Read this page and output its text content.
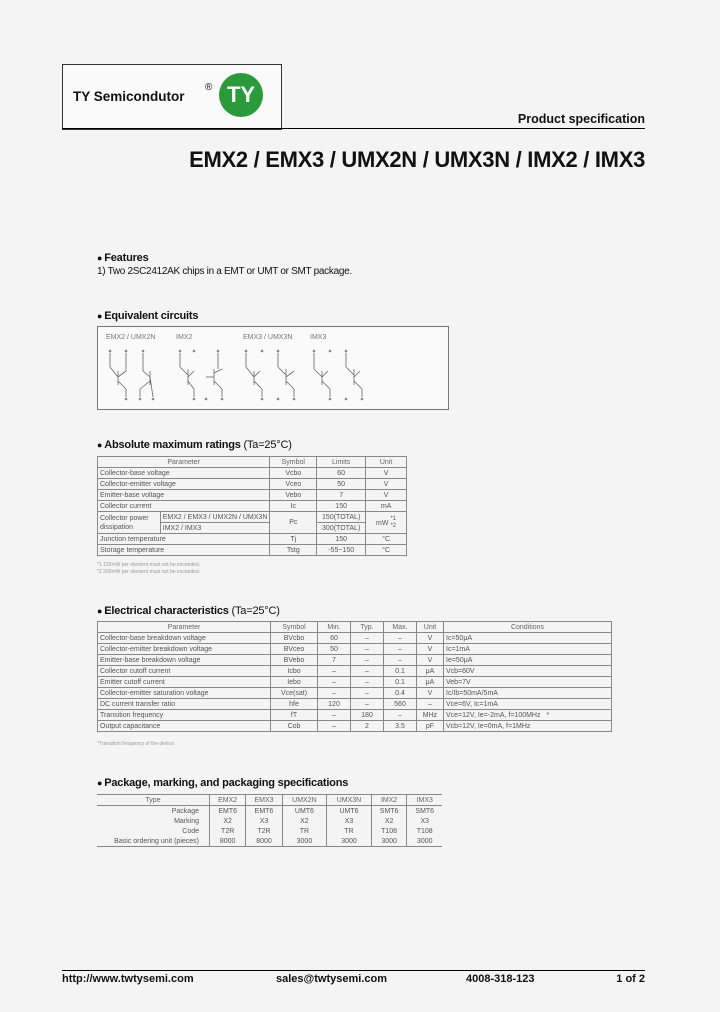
TY Semicondutor
® TY
Product specification
EMX2 / EMX3 / UMX2N / UMX3N / IMX2 / IMX3
● Features
1) Two 2SC2412AK chips in a EMT or UMT or SMT package.
● Equivalent circuits
EMX2 / UMX2N	IMX2	EMX3 / UMX3N	IMX3
● Absolute maximum ratings (Ta=25°C)
Parameter		Symbol	Limits	Unit
Collector-base voltage		Vcbo	60	V
Collector-emitter voltage		Vceo	50	V
Emitter-base voltage		Vebo	7	V
Collector current		Ic	150	mA
Collector power dissipation	EMX2 / EMX3 / UMX2N / UMX3N	Pc	150(TOTAL)	mW *1
*2
	IMX2 / IMX3		300(TOTAL)	
Junction temperature		Tj	150	°C
Storage temperature		Tstg	-55~150	°C
*1 120mW per element must not be exceeded.
*2 200mW per element must not be exceeded.
● Electrical characteristics (Ta=25°C)
Parameter	Symbol	Min.	Typ.	Max.	Unit	Conditions
Collector-base breakdown voltage	BVcbo	60	–	–	V	Ic=50μA
Collector-emitter breakdown voltage	BVceo	50	–	–	V	Ic=1mA
Emitter-base breakdown voltage	BVebo	7	–	–	V	Ie=50μA
Collector cutoff current	Icbo	–	–	0.1	μA	Vcb=60V
Emitter cutoff current	Iebo	–	–	0.1	μA	Veb=7V
Collector-emitter saturation voltage	Vce(sat)	–	–	0.4	V	Ic/Ib=50mA/5mA
DC current transfer ratio	hfe	120	–	560	–	Vce=6V, Ic=1mA
Transition frequency	fT	–	180	–	MHz	Vce=12V, Ie=-2mA, f=100MHz *
Output capacitance	Cob	–	2	3.5	pF	Vcb=12V, Ie=0mA, f=1MHz
*Transition frequency of the device.
● Package, marking, and packaging specifications
Type	EMX2	EMX3	UMX2N	UMX3N	IMX2	IMX3
Package	EMT6	EMT6	UMT6	UMT6	SMT6	SMT6
Marking	X2	X3	X2	X3	X2	X3
Code	T2R	T2R	TR	TR	T108	T108
Basic ordering unit (pieces)	8000	8000	3000	3000	3000	3000
http://www.twtysemi.com	sales@twtysemi.com	4008-318-123	1 of 2
